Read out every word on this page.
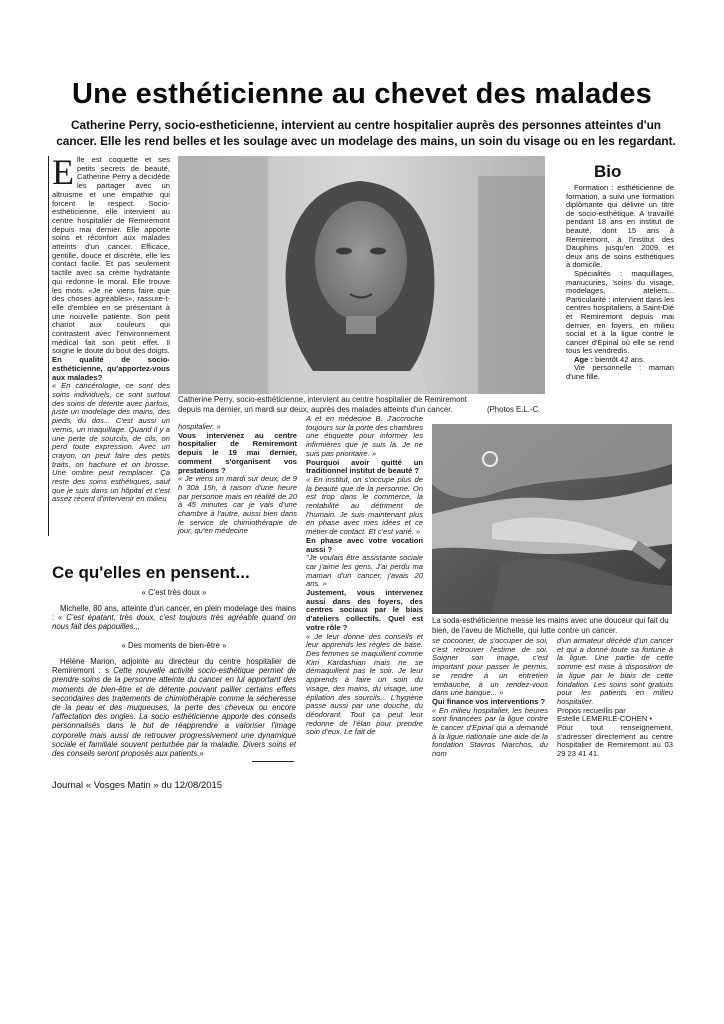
Une esthéticienne au chevet des malades
Catherine Perry, socio-estheticienne, intervient au centre hospitalier auprès des personnes atteintes d'un cancer. Elle les rend belles et les soulage avec un modelage des mains, un soin du visage ou en les regardant.

Elle est coquette et ses petits secrets de beauté, Catherine Perry a décidéde les partager avec un altruisme et une empathie qui forcent le respect. Socio-esthéticienne, elle intervient au centre hospitalier de Remiremont depuis mai dernier. Elle apporte soins et réconfort aux malades atteints d'un cancer. Efficace, gentille, douce et discrète, elle les contact facile. Et pas seulement tactile avec sa crème hydratante qui redonne le moral. Elle trouve les mots. «Je ne viens faire que des choses agréables», rassure-t-elle d'emblée en se présentant à une nouvelle patiente. Son petit chariot aux couleurs qui contrastent avec l'environnement médical fait son petit effet. Il soigne le doute du bout des doigts.

En qualité de socio-esthéticienne, qu'apportez-vous aux malades?

« En cancérologie, ce sont des soins individuels, ce sont surtout des soins de détente avec parfois, juste un modelage des mains, des pieds, du dos... C'est aussi un vernis, un maquillage. Quand il y a une perte de sourcils, de cils, on perd toute expression. Avec un crayon, on peut faire des petits traits, on hachure et on brosse. Une ombre peut remplacer. Ça reste des soins esthétiques, sauf que je suis dans un hôpital et c'est assez récent d'intervenir en milieu

Catherine Perry, socio-esthéticienne, intervient au centre hospitalier de Remiremont depuis ma dernier, un mardi sur deux, auprès des malades atteints d'un cancer.	(Photos E.L.-C.
Bio

Formation : esthéticienne de formation, a suivi une formation diplômante qui délivre un titre de socio-esthétique. A travaillé pendant 18 ans en institut de beauté, dont 15 ans à Remiremont, à l'institut des Dauphins jusqu'en 2009, et deux ans de soins esthétiques à domicile.

Spécialités : maquillages, manucuries, 'soins du visage, modelages, ateliers... Particularité : intervient dans les centres hospitaliers, à Saint-Dié et Remiremont depuis mai dernier, en foyers, en milieu social et à la ligue contre le cancer d'Epinal où elle se rend tous les vendredis.

Age : bientôt 42 ans.

Vie personnelle : maman d'une fille.

hospitalier. »

Vous intervenez au centre hospitalier de Remiremont depuis le 19 mai dernier, comment s'organisent vos prestations ?

« Je viens un mardi sur deux, de 9 h 30à 15h, à raison d'une heure par personne mais en réalité de 20 à 45 minutes car je vais d'une chambre à l'autre, aussi bien dans le service de chimiothérapie de jour, qu'en médecine

A et en médecine B. J'accroche toujours sur la porte des chambres une étiquette pour informer les infirmières que je suis là. Je ne suis pas prioritaire. »

Pourquoi avoir quitté un traditionnel institut de beauté ?

« En institut, on s'occupe plus de la beauté que de la personne. On est trop dans le commerce, la rentabilité au détriment de l'humain. Je suis maintenant plus en phase avec mes idées et ce métier de contact. Et c'est varié. »

En phase avec votre vocation aussi ?

"Je voulais être assistante sociale car j'aime les gens. J'ai perdu ma maman d'un cancer, j'avais 20 ans. »

Justement, vous intervenez aussi dans des foyers, des centres sociaux par le biais d'ateliers collectifs. Quel est votre rôle ?

« Je leur donne des conseils et leur apprends les règles de base. Des femmes se maquillent comme Kim Kardashian mais ne se démaquillent pas le soir. Je leur apprends à faire un soin du visage, des mains, du visage, une épilation des sourcils... L'hygiène passe aussi par une douche, du déodorant. Tout ça peut leur redonne de l'élan pour prendre soin d'eux. Le fait de

La soda-esthéticienne messe les mains avec une douceur qui fait du bien, de l'aveu de Michelle, qui lutte contre un cancer.

se cocooner, de s'occuper de soi, c'est retrouver l'estime de soi. Soigner son image, c'est important pour passer le permis, se rendre à un entretien 'embauche, à un rendez-vous dans une banque... »

Qui finance vos interventions ?

« En milieu hospitalier, les heures sont financées par la ligue contre le cancer d'Epinal qui a demandé à la ligue nationale une aide de la fondation Stavros Niarchos, du nom

d'un armateur décédé d'un cancer et qui a donné toute sa fortune à la ligue. Une partie de cette somme est mise à disposition de la ligue par le biais de cette fondation. Les soins sont gratuits pour les patients en milieu hospitalier.

Propos recueillis par

Estelle LEMERLE-COHEN •

Pour tout renseignement, s'adresser directement au centre hospitalier de Remiremont au 03 29 23 41 41.

Ce qu'elles en pensent...
« C'est très doux »
Michelle, 80 ans, atteinte d'un cancer, en plein modelage des mains : « C'est épatant, très doux, c'est toujours très agréable quand on nous fait des papouilles.,,
« Des moments de bien-être »
Hélène Marion, adjointe au directeur du centre hospitalier de Remiremont : s Cette nouvelle activité socio-esthétique permet de prendre soins de la personne atteinte du cancer en lui apportant des moments de bien-être et de détente pouvant pallier certains effets secondaires des traitements de chimiothérapie comme la sécheresse de la peau et des muqueuses, la perte des cheveux ou encore l'affectation des ongles. La socio esthéticienne apporte des conseils personnalisés dans le but de réapprendre a valoriser l'image corporelle mais aussi de retrouver progressivement une dynamique sociale et familiale souvent perturbée par la maladie. Divers soins et des conseils seront proposés aux patients.»
Journal « Vosges Matin » du 12/08/2015
